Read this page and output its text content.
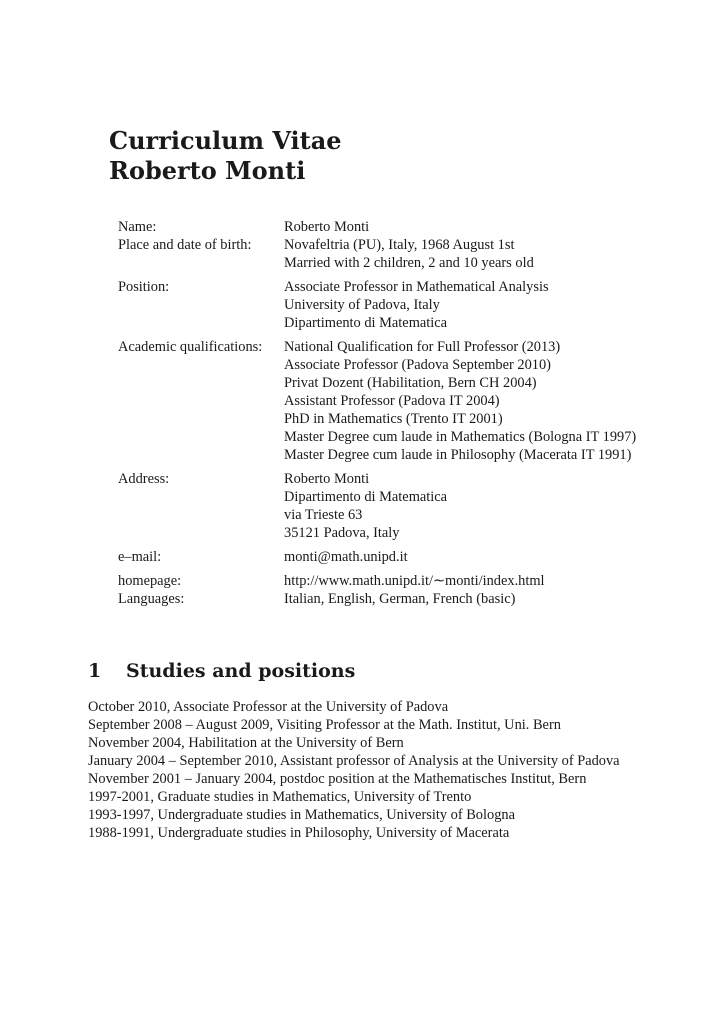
Curriculum Vitae
Roberto Monti
Name:	Roberto Monti
Place and date of birth:	Novafeltria (PU), Italy, 1968 August 1st
Married with 2 children, 2 and 10 years old
Position:	Associate Professor in Mathematical Analysis
University of Padova, Italy
Dipartimento di Matematica
Academic qualifications:	National Qualification for Full Professor (2013)
Associate Professor (Padova September 2010)
Privat Dozent (Habilitation, Bern CH 2004)
Assistant Professor (Padova IT 2004)
PhD in Mathematics (Trento IT 2001)
Master Degree cum laude in Mathematics (Bologna IT 1997)
Master Degree cum laude in Philosophy (Macerata IT 1991)
Address:	Roberto Monti
Dipartimento di Matematica
via Trieste 63
35121 Padova, Italy
e–mail:	monti@math.unipd.it
homepage:	http://www.math.unipd.it/∼monti/index.html
Languages:	Italian, English, German, French (basic)
1 Studies and positions
October 2010, Associate Professor at the University of Padova
September 2008 – August 2009, Visiting Professor at the Math. Institut, Uni. Bern
November 2004, Habilitation at the University of Bern
January 2004 – September 2010, Assistant professor of Analysis at the University of Padova
November 2001 – January 2004, postdoc position at the Mathematisches Institut, Bern
1997-2001, Graduate studies in Mathematics, University of Trento
1993-1997, Undergraduate studies in Mathematics, University of Bologna
1988-1991, Undergraduate studies in Philosophy, University of Macerata
